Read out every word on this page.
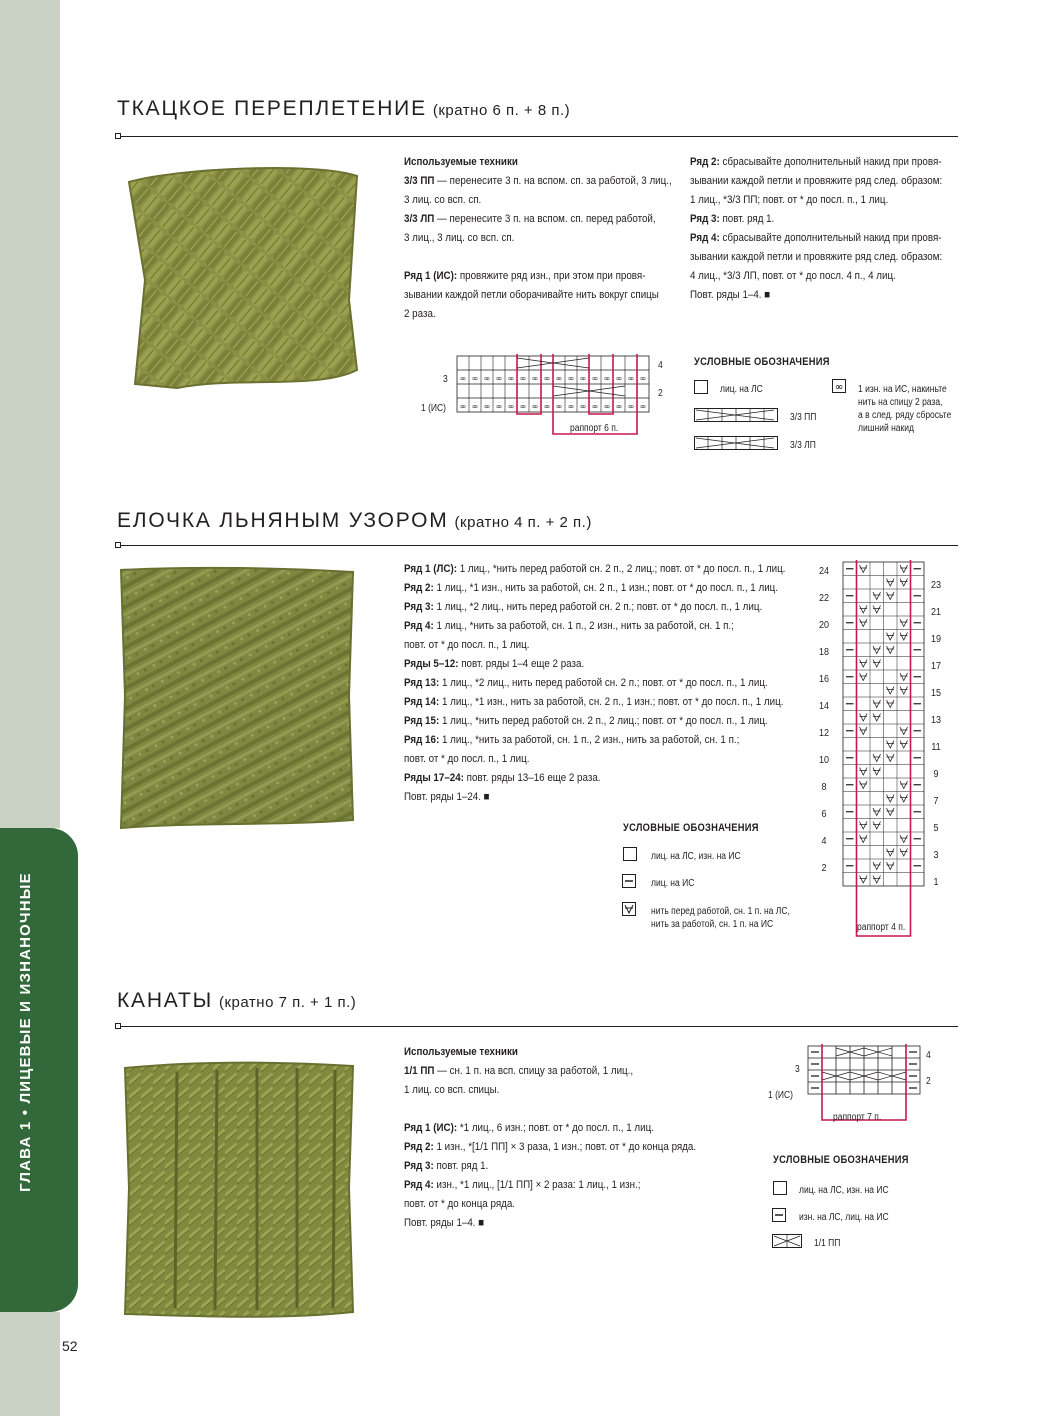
ГЛАВА 1 • ЛИЦЕВЫЕ И ИЗНАНОЧНЫЕ
52
ТКАЦКОЕ ПЕРЕПЛЕТЕНИЕ (кратно 6 п. + 8 п.)

Используемые техники

3/3 ПП — перенесите 3 п. на вспом. сп. за работой, 3 лиц.,

3 лиц. со всп. сп.

3/3 ЛП — перенесите 3 п. на вспом. сп. перед работой,

3 лиц., 3 лиц. со всп. сп.

Ряд 1 (ИС): провяжите ряд изн., при этом при провя-

зывании каждой петли оборачивайте нить вокруг спицы

2 раза.

Ряд 2: сбрасывайте дополнительный накид при провя-

зывании каждой петли и провяжите ряд след. образом:

1 лиц., *3/3 ПП; повт. от * до посл. п., 1 лиц.

Ряд 3: повт. ряд 1.

Ряд 4: сбрасывайте дополнительный накид при провя-

зывании каждой петли и провяжите ряд след. образом:

4 лиц., *3/3 ЛП, повт. от * до посл. 4 п., 4 лиц.

Повт. ряды 1–4. ■

∞ ∞ ∞ ∞ ∞ ∞ ∞ ∞ ∞ ∞ ∞ ∞ ∞ ∞ ∞ ∞
∞ ∞ ∞ ∞ ∞ ∞ ∞ ∞ ∞ ∞ ∞ ∞ ∞ ∞ ∞ ∞
4
2
3
1 (ИС)
раппорт 6 п.
УСЛОВНЫЕ ОБОЗНАЧЕНИЯ
лиц. на ЛС	∞ 1 изн. на ИС, накиньте
нить на спицу 2 раза,
а в след. ряду сбросьте
лишний накид
3/3 ПП
3/3 ЛП
ЕЛОЧКА ЛЬНЯНЫМ УЗОРОМ (кратно 4 п. + 2 п.)

Ряд 1 (ЛС): 1 лиц., *нить перед работой сн. 2 п., 2 лиц.; повт. от * до посл. п., 1 лиц.

Ряд 2: 1 лиц., *1 изн., нить за работой, сн. 2 п., 1 изн.; повт. от * до посл. п., 1 лиц.

Ряд 3: 1 лиц., *2 лиц., нить перед работой сн. 2 п.; повт. от * до посл. п., 1 лиц.

Ряд 4: 1 лиц., *нить за работой, сн. 1 п., 2 изн., нить за работой, сн. 1 п.;

повт. от * до посл. п., 1 лиц.

Ряды 5–12: повт. ряды 1–4 еще 2 раза.

Ряд 13: 1 лиц., *2 лиц., нить перед работой сн. 2 п.; повт. от * до посл. п., 1 лиц.

Ряд 14: 1 лиц., *1 изн., нить за работой, сн. 2 п., 1 изн.; повт. от * до посл. п., 1 лиц.

Ряд 15: 1 лиц., *нить перед работой сн. 2 п., 2 лиц.; повт. от * до посл. п., 1 лиц.

Ряд 16: 1 лиц., *нить за работой, сн. 1 п., 2 изн., нить за работой, сн. 1 п.;

повт. от * до посл. п., 1 лиц.

Ряды 17–24: повт. ряды 13–16 еще 2 раза.

Повт. ряды 1–24. ■

24
22
20
18
16
14
12
10
8
6
4
2
23
21
19
17
15
13
11
9
7
5
3
1
раппорт 4 п.
УСЛОВНЫЕ ОБОЗНАЧЕНИЯ
лиц. на ЛС, изн. на ИС
лиц. на ИС
нить перед работой, сн. 1 п. на ЛС,
нить за работой, сн. 1 п. на ИС
КАНАТЫ (кратно 7 п. + 1 п.)

Используемые техники

1/1 ПП — сн. 1 п. на всп. спицу за работой, 1 лиц.,

1 лиц. со всп. спицы.

Ряд 1 (ИС): *1 лиц., 6 изн.; повт. от * до посл. п., 1 лиц.

Ряд 2: 1 изн., *[1/1 ПП] × 3 раза, 1 изн.; повт. от * до конца ряда.

Ряд 3: повт. ряд 1.

Ряд 4: изн., *1 лиц., [1/1 ПП] × 2 раза: 1 лиц., 1 изн.;

повт. от * до конца ряда.

Повт. ряды 1–4. ■

4
2
3
1 (ИС)
раппорт 7 п.
УСЛОВНЫЕ ОБОЗНАЧЕНИЯ
лиц. на ЛС, изн. на ИС
изн. на ЛС, лиц. на ИС
1/1 ПП
